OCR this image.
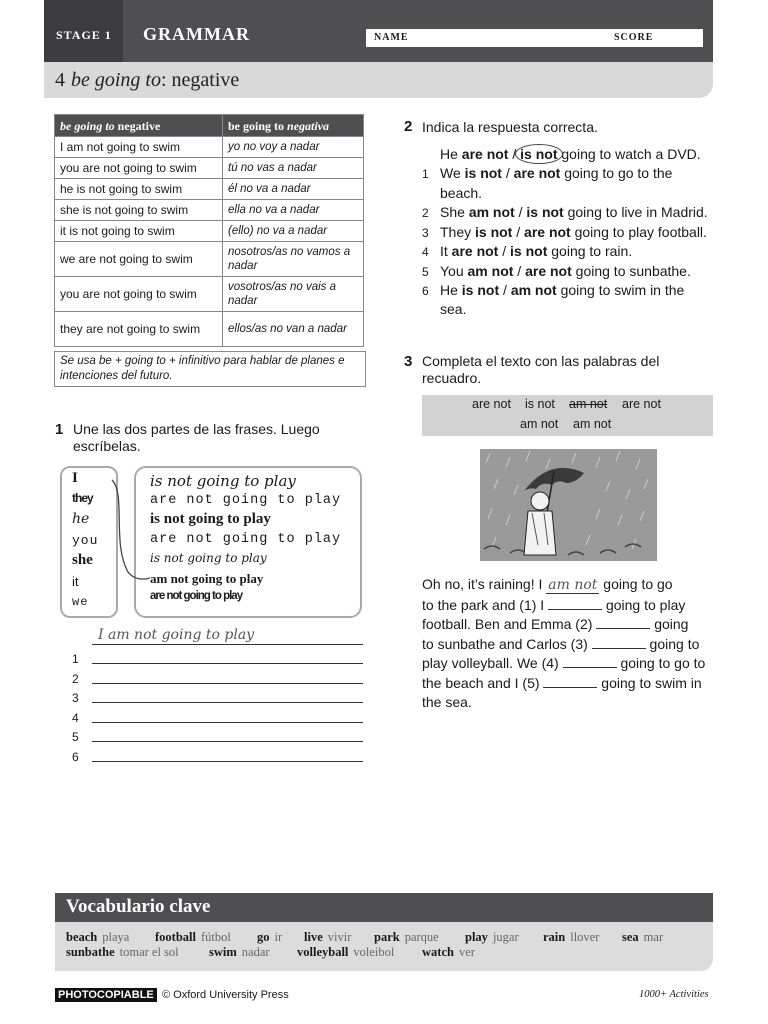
STAGE 1 GRAMMAR	NAME	SCORE
4 be going to: negative
be going to negative	be going to negativa
I am not going to swim	yo no voy a nadar
you are not going to swim	tú no vas a nadar
he is not going to swim	él no va a nadar
she is not going to swim	ella no va a nadar
it is not going to swim	(ello) no va a nadar
we are not going to swim	nosotros/as no vamos a nadar
you are not going to swim	vosotros/as no vais a nadar
they are not going to swim	ellos/as no van a nadar
Se usa be + going to + infinitivo para hablar de planes e intenciones del futuro.
1 Une las dos partes de las frases. Luego escríbelas.
I
they
he
you
she
it
we
is not going to play
are not going to play
is not going to play
are not going to play
is not going to play
am not going to play
are not going to play
I am not going to play
1
2
3
4
5
6
2 Indica la respuesta correcta.
He are not / is not going to watch a DVD.
1 We is not / are not going to go to the
beach.
2 She am not / is not going to live in Madrid.
3 They is not / are not going to play football.
4 It are not / is not going to rain.
5 You am not / are not going to sunbathe.
6 He is not / am not going to swim in the
sea.
3 Completa el texto con las palabras del recuadro.
are not is not am not are not
am not am not
Oh no, it’s raining! I am not going to go
to the park and (1) I	going to play
football. Ben and Emma (2)	going
to sunbathe and Carlos (3)	going to
play volleyball. We (4)	going to go to
the beach and I (5)	going to swim in
the sea.
Vocabulario clave
beach playa football fútbol go ir live vivir park parque play jugar rain llover sea mar
sunbathe tomar el sol swim nadar volleyball voleibol watch ver
PHOTOCOPIABLE © Oxford University Press	1000+ Activities
